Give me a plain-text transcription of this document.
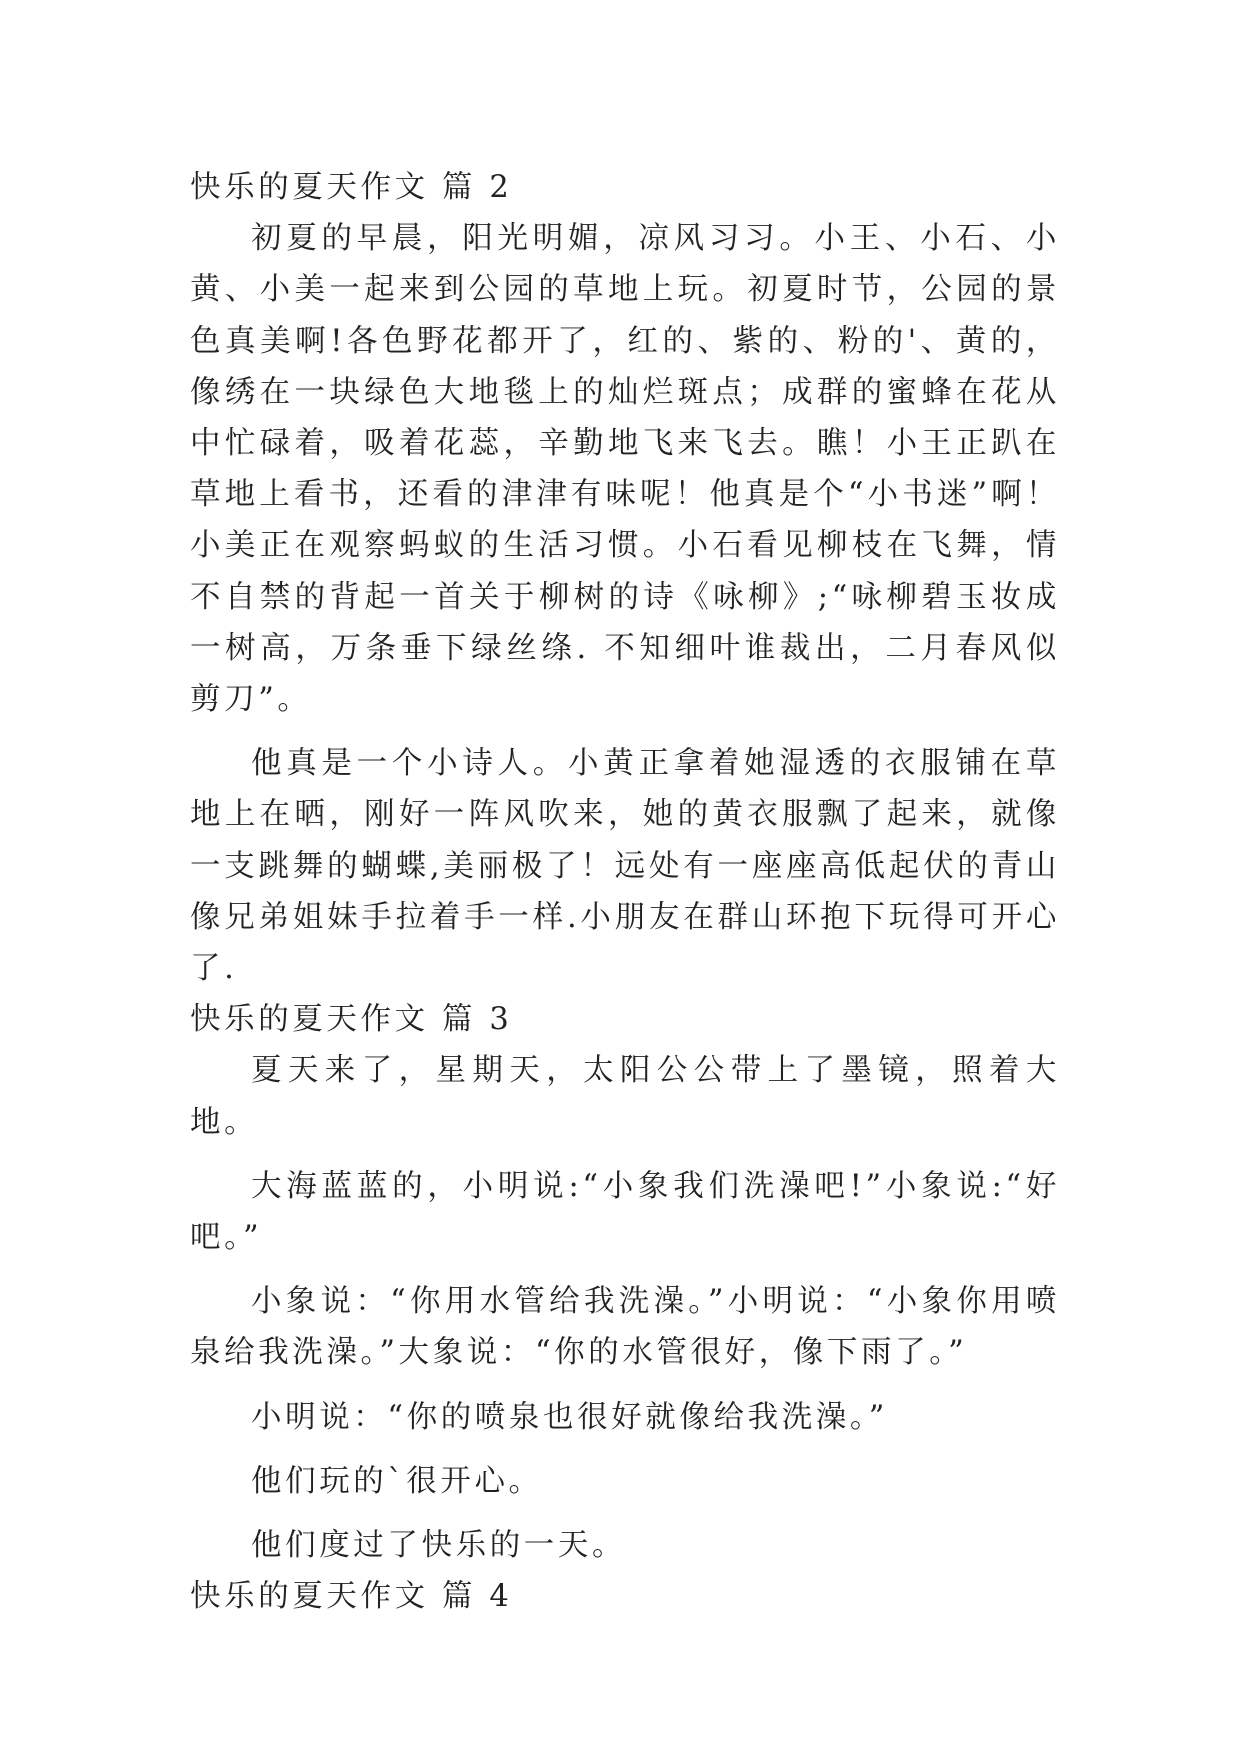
快乐的夏天作文 篇 2

初夏的早晨，阳光明媚，凉风习习。小王、小石、小黄、小美一起来到公园的草地上玩。初夏时节，公园的景色真美啊!各色野花都开了，红的、紫的、粉的'、黄的，像绣在一块绿色大地毯上的灿烂斑点；成群的蜜蜂在花从中忙碌着，吸着花蕊，辛勤地飞来飞去。瞧！小王正趴在草地上看书，还看的津津有味呢！他真是个“小书迷”啊！小美正在观察蚂蚁的生活习惯。小石看见柳枝在飞舞，情不自禁的背起一首关于柳树的诗《咏柳》;“咏柳碧玉妆成一树高，万条垂下绿丝绦. 不知细叶谁裁出，二月春风似剪刀”。

他真是一个小诗人。小黄正拿着她湿透的衣服铺在草地上在晒，刚好一阵风吹来，她的黄衣服飘了起来，就像一支跳舞的蝴蝶,美丽极了！远处有一座座高低起伏的青山像兄弟姐妹手拉着手一样.小朋友在群山环抱下玩得可开心了.

快乐的夏天作文 篇 3

夏天来了，星期天，太阳公公带上了墨镜，照着大地。

大海蓝蓝的，小明说:“小象我们洗澡吧!”小象说:“好吧。”

小象说：“你用水管给我洗澡。”小明说：“小象你用喷泉给我洗澡。”大象说：“你的水管很好，像下雨了。”

小明说：“你的喷泉也很好就像给我洗澡。”

他们玩的`很开心。

他们度过了快乐的一天。

快乐的夏天作文 篇 4
